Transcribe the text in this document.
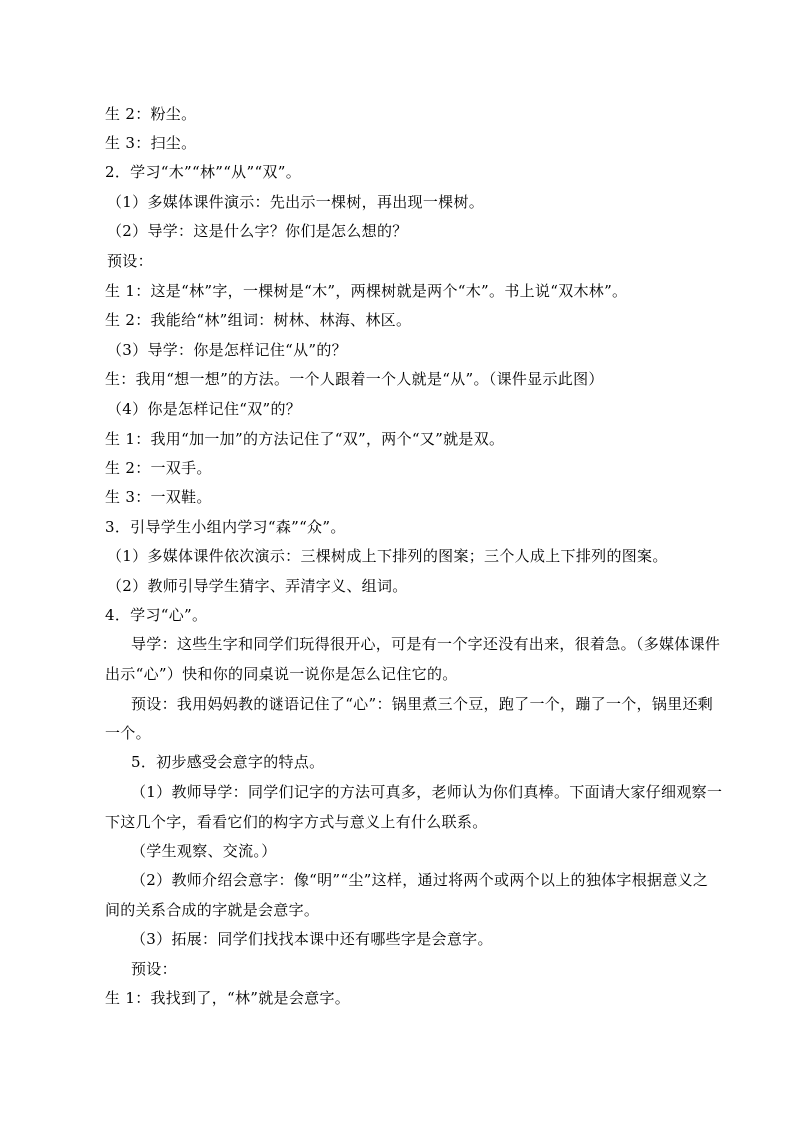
生 2：粉尘。
生 3：扫尘。
2．学习“木”“林”“从”“双”。
（1）多媒体课件演示：先出示一棵树，再出现一棵树。
（2）导学：这是什么字？你们是怎么想的？
预设：
生 1：这是“林”字，一棵树是“木”，两棵树就是两个“木”。书上说“双木林”。
生 2：我能给“林”组词：树林、林海、林区。
（3）导学：你是怎样记住“从”的？
生：我用“想一想”的方法。一个人跟着一个人就是“从”。（课件显示此图）
（4）你是怎样记住“双”的？
生 1：我用“加一加”的方法记住了“双”，两个“又”就是双。
生 2：一双手。
生 3：一双鞋。
3．引导学生小组内学习“森”“众”。
（1）多媒体课件依次演示：三棵树成上下排列的图案；三个人成上下排列的图案。
（2）教师引导学生猜字、弄清字义、组词。
4．学习“心”。
导学：这些生字和同学们玩得很开心，可是有一个字还没有出来，很着急。（多媒体课件
出示“心”）快和你的同桌说一说你是怎么记住它的。
预设：我用妈妈教的谜语记住了“心”：锅里煮三个豆，跑了一个，蹦了一个，锅里还剩
一个。
5．初步感受会意字的特点。
（1）教师导学：同学们记字的方法可真多，老师认为你们真棒。下面请大家仔细观察一
下这几个字，看看它们的构字方式与意义上有什么联系。
（学生观察、交流。）
（2）教师介绍会意字：像“明”“尘”这样，通过将两个或两个以上的独体字根据意义之
间的关系合成的字就是会意字。
（3）拓展：同学们找找本课中还有哪些字是会意字。
预设：
生 1：我找到了，“林”就是会意字。
